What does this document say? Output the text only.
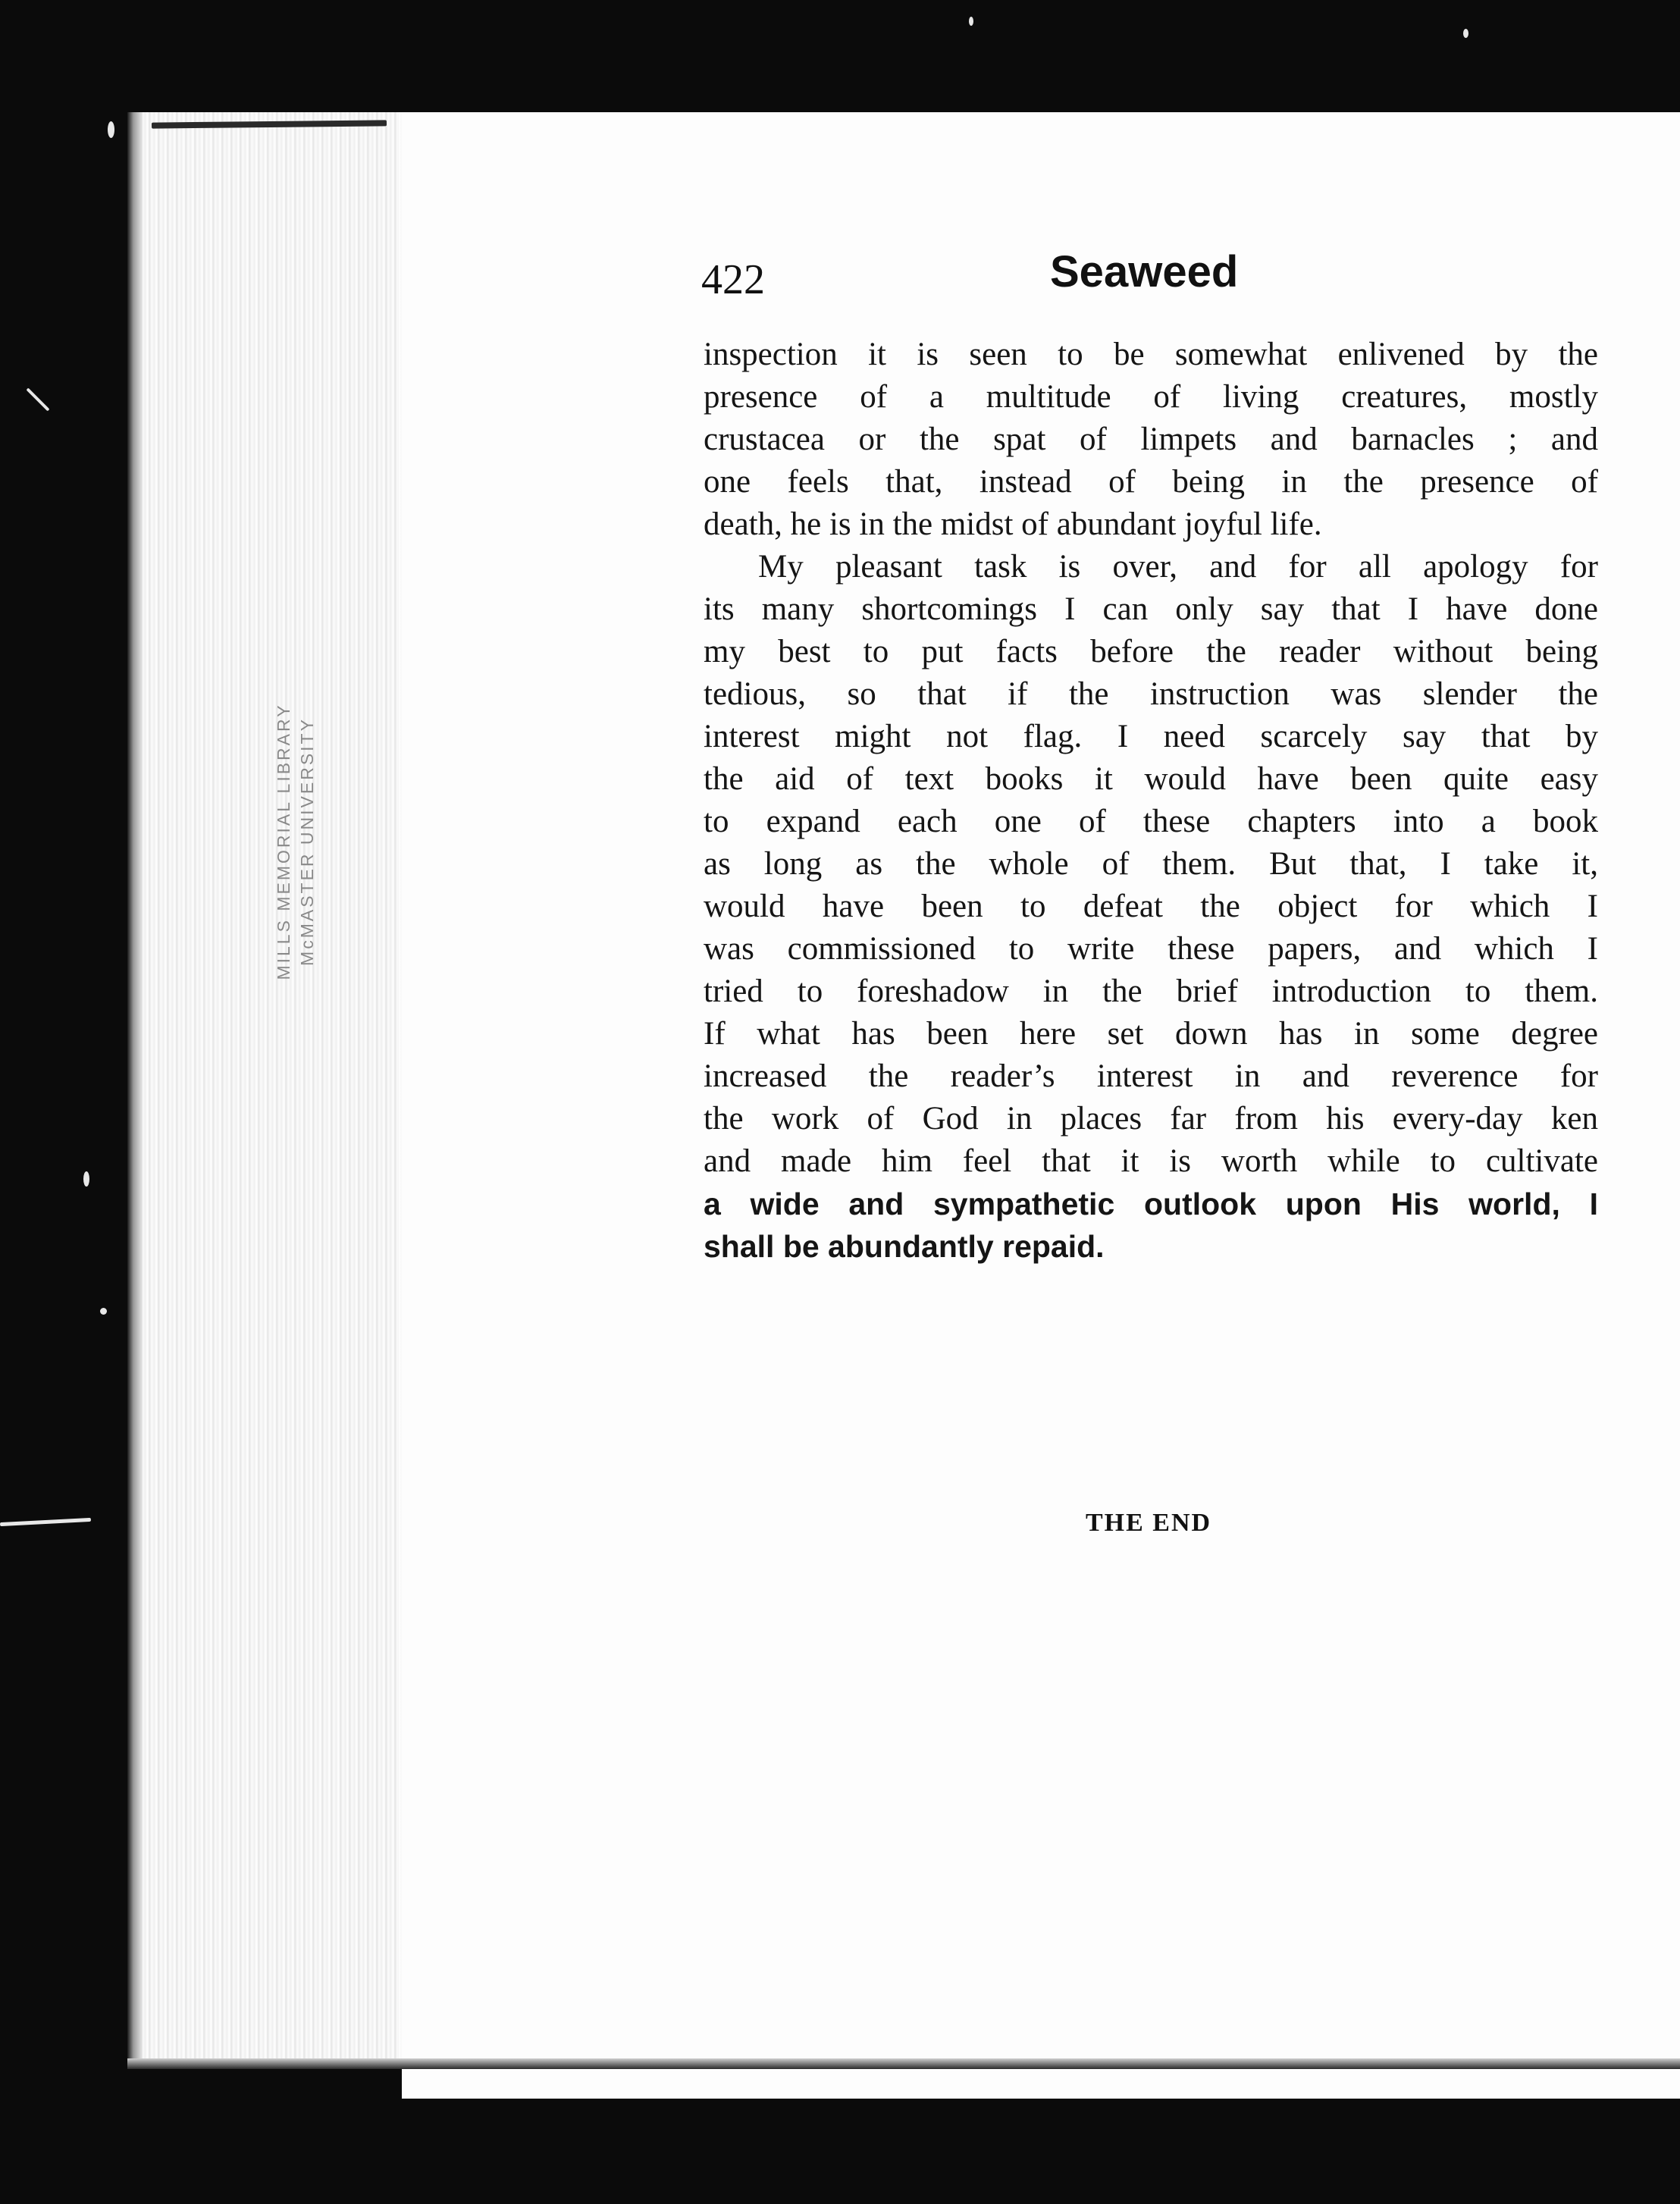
MILLS MEMORIAL LIBRARY McMASTER UNIVERSITY
422	Seaweed
inspection it is seen to be somewhat enlivened by the
presence of a multitude of living creatures, mostly
crustacea or the spat of limpets and barnacles ; and
one feels that, instead of being in the presence of
death, he is in the midst of abundant joyful life.
My pleasant task is over, and for all apology for
its many shortcomings I can only say that I have done
my best to put facts before the reader without being
tedious, so that if the instruction was slender the
interest might not flag. I need scarcely say that by
the aid of text books it would have been quite easy
to expand each one of these chapters into a book
as long as the whole of them. But that, I take it,
would have been to defeat the object for which I
was commissioned to write these papers, and which I
tried to foreshadow in the brief introduction to them.
If what has been here set down has in some degree
increased the reader’s interest in and reverence for
the work of God in places far from his every-day ken
and made him feel that it is worth while to cultivate
a wide and sympathetic outlook upon His world, I
shall be abundantly repaid.
THE END
